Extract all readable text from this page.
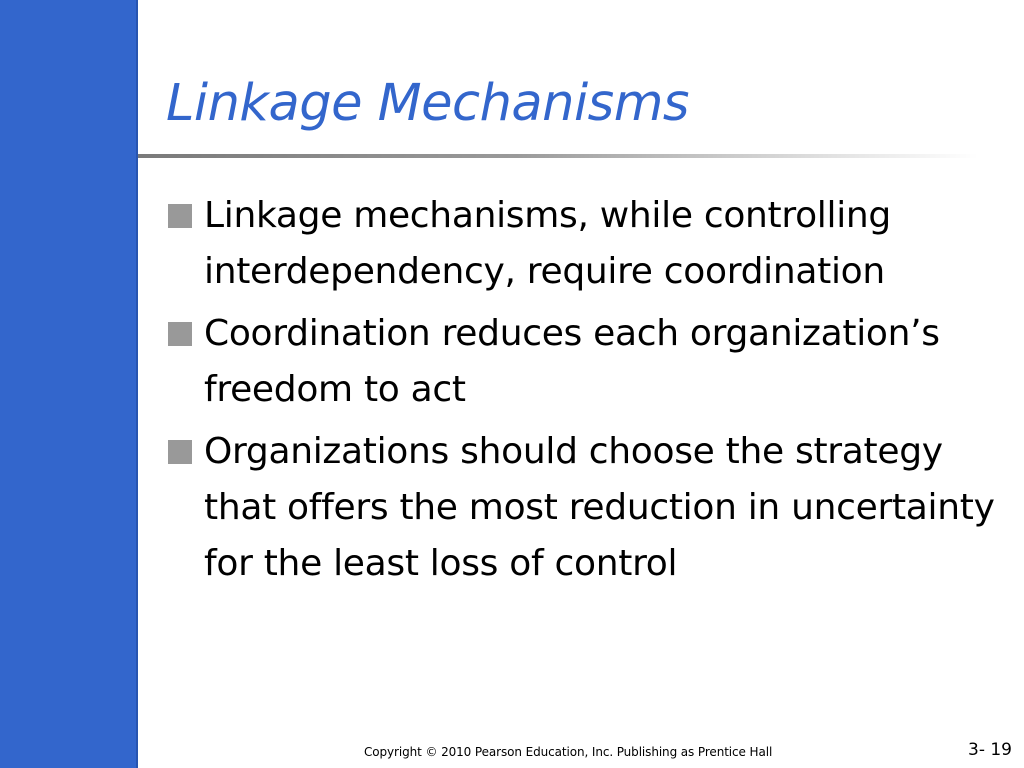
Linkage Mechanisms
Linkage mechanisms, while controlling interdependency, require coordination
Coordination reduces each organization’s freedom to act
Organizations should choose the strategy that offers the most reduction in uncertainty for the least loss of control
Copyright © 2010 Pearson Education, Inc. Publishing as Prentice Hall	3- 19
